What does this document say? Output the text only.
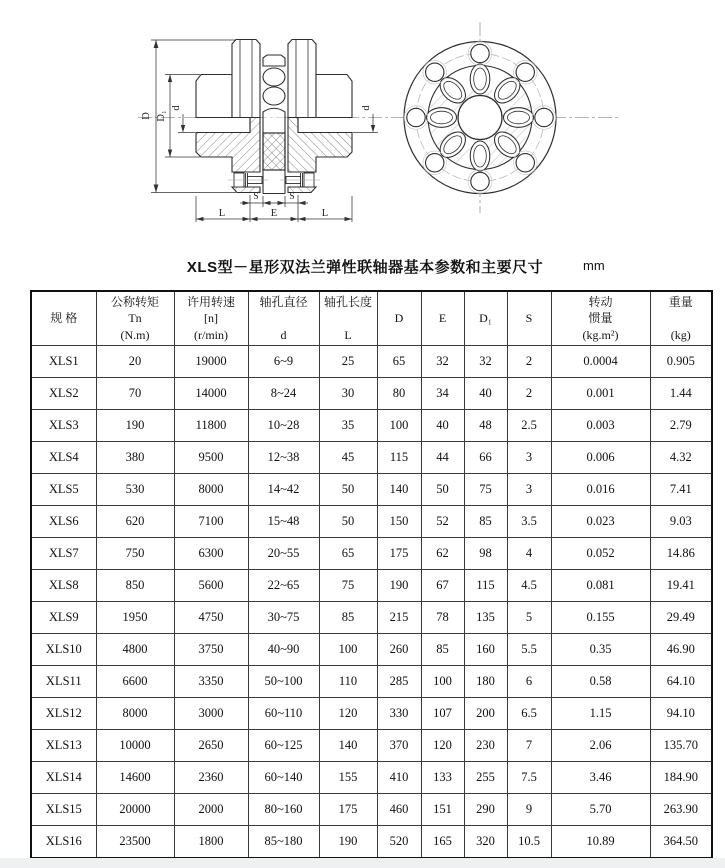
D D₁
d	d
S	S
L	E	L
XLS型－星形双法兰弹性联轴器基本参数和主要尺寸	mm
规 格

公称转矩
Tn
(N.m)

许用转速
[n]
(r/min)

轴孔直径

d

轴孔长度

L

D	E	D₁	S

转动
惯量
(kg.m²)

重量

(kg)

XLS1	20	19000	6~9	25	65	32	32	2	0.0004	0.905
XLS2	70	14000	8~24	30	80	34	40	2	0.001	1.44
XLS3	190	11800	10~28	35	100	40	48	2.5	0.003	2.79
XLS4	380	9500	12~38	45	115	44	66	3	0.006	4.32
XLS5	530	8000	14~42	50	140	50	75	3	0.016	7.41
XLS6	620	7100	15~48	50	150	52	85	3.5	0.023	9.03
XLS7	750	6300	20~55	65	175	62	98	4	0.052	14.86
XLS8	850	5600	22~65	75	190	67	115	4.5	0.081	19.41
XLS9	1950	4750	30~75	85	215	78	135	5	0.155	29.49
XLS10	4800	3750	40~90	100	260	85	160	5.5	0.35	46.90
XLS11	6600	3350	50~100	110	285	100	180	6	0.58	64.10
XLS12	8000	3000	60~110	120	330	107	200	6.5	1.15	94.10
XLS13	10000	2650	60~125	140	370	120	230	7	2.06	135.70
XLS14	14600	2360	60~140	155	410	133	255	7.5	3.46	184.90
XLS15	20000	2000	80~160	175	460	151	290	9	5.70	263.90
XLS16	23500	1800	85~180	190	520	165	320	10.5	10.89	364.50
